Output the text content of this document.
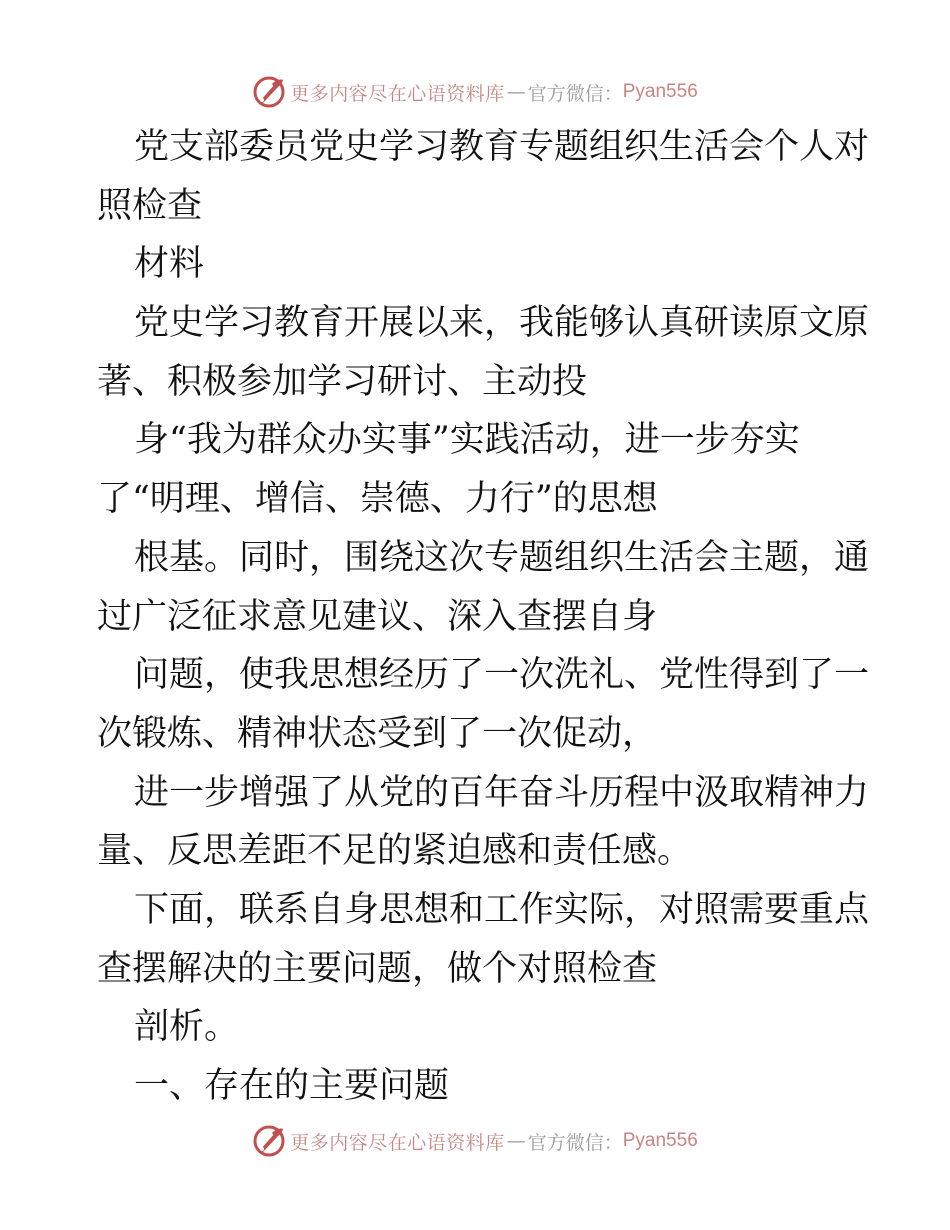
更多内容尽在心语资料库 — 官方微信： Pyan556
党支部委员党史学习教育专题组织生活会个人对
照检查
材料
党史学习教育开展以来，我能够认真研读原文原
著、积极参加学习研讨、主动投
身“我为群众办实事”实践活动，进一步夯实
了“明理、增信、崇德、力行”的思想
根基。同时，围绕这次专题组织生活会主题，通
过广泛征求意见建议、深入查摆自身
问题，使我思想经历了一次洗礼、党性得到了一
次锻炼、精神状态受到了一次促动，
进一步增强了从党的百年奋斗历程中汲取精神力
量、反思差距不足的紧迫感和责任感。
下面，联系自身思想和工作实际，对照需要重点
查摆解决的主要问题，做个对照检查
剖析。
一、存在的主要问题
更多内容尽在心语资料库 — 官方微信： Pyan556
